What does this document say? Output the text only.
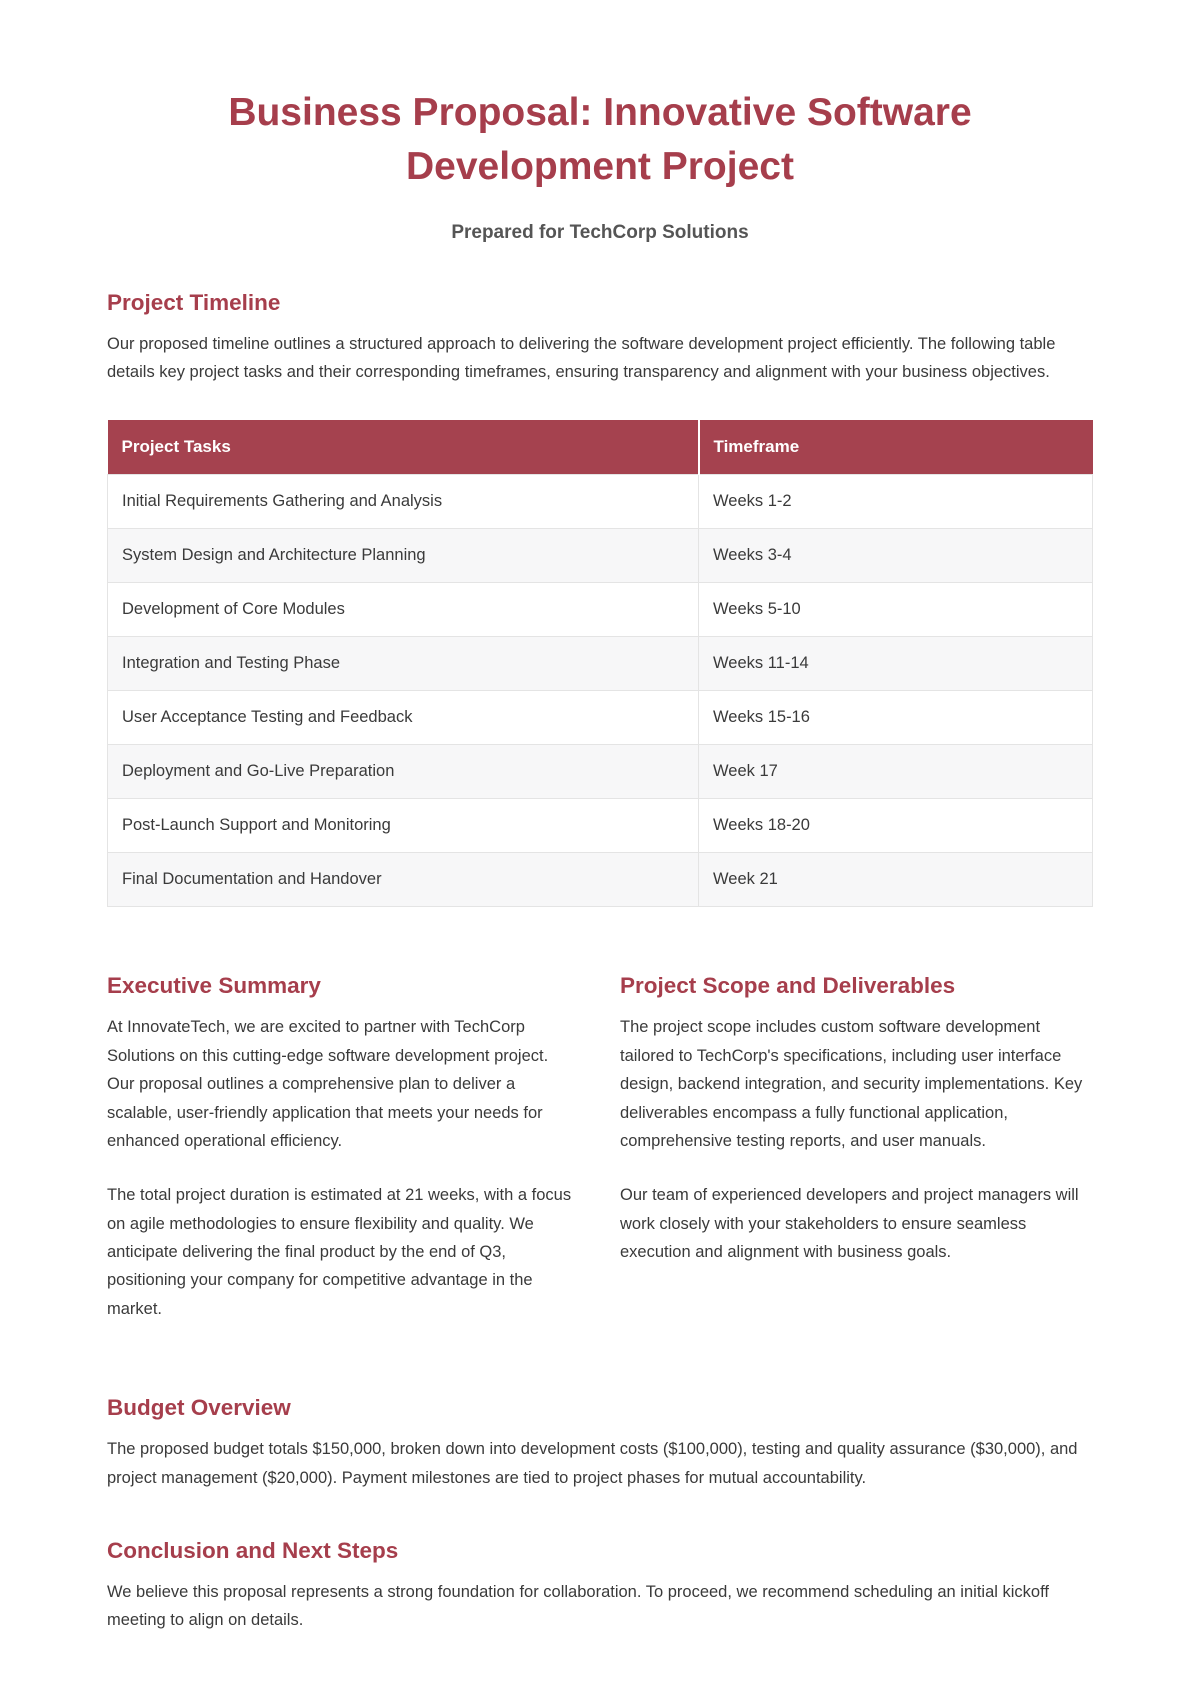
Business Proposal: Innovative Software Development Project
Prepared for TechCorp Solutions
Project Timeline

Our proposed timeline outlines a structured approach to delivering the software development project efficiently. The following table details key project tasks and their corresponding timeframes, ensuring transparency and alignment with your business objectives.

Project Tasks	Timeframe
Initial Requirements Gathering and Analysis	Weeks 1-2
System Design and Architecture Planning	Weeks 3-4
Development of Core Modules	Weeks 5-10
Integration and Testing Phase	Weeks 11-14
User Acceptance Testing and Feedback	Weeks 15-16
Deployment and Go-Live Preparation	Week 17
Post-Launch Support and Monitoring	Weeks 18-20
Final Documentation and Handover	Week 21
Executive Summary

At InnovateTech, we are excited to partner with TechCorp Solutions on this cutting-edge software development project. Our proposal outlines a comprehensive plan to deliver a scalable, user-friendly application that meets your needs for enhanced operational efficiency.

The total project duration is estimated at 21 weeks, with a focus on agile methodologies to ensure flexibility and quality. We anticipate delivering the final product by the end of Q3, positioning your company for competitive advantage in the market.

Project Scope and Deliverables

The project scope includes custom software development tailored to TechCorp's specifications, including user interface design, backend integration, and security implementations. Key deliverables encompass a fully functional application, comprehensive testing reports, and user manuals.

Our team of experienced developers and project managers will work closely with your stakeholders to ensure seamless execution and alignment with business goals.

Budget Overview

The proposed budget totals $150,000, broken down into development costs ($100,000), testing and quality assurance ($30,000), and project management ($20,000). Payment milestones are tied to project phases for mutual accountability.

Conclusion and Next Steps

We believe this proposal represents a strong foundation for collaboration. To proceed, we recommend scheduling an initial kickoff meeting to align on details.
